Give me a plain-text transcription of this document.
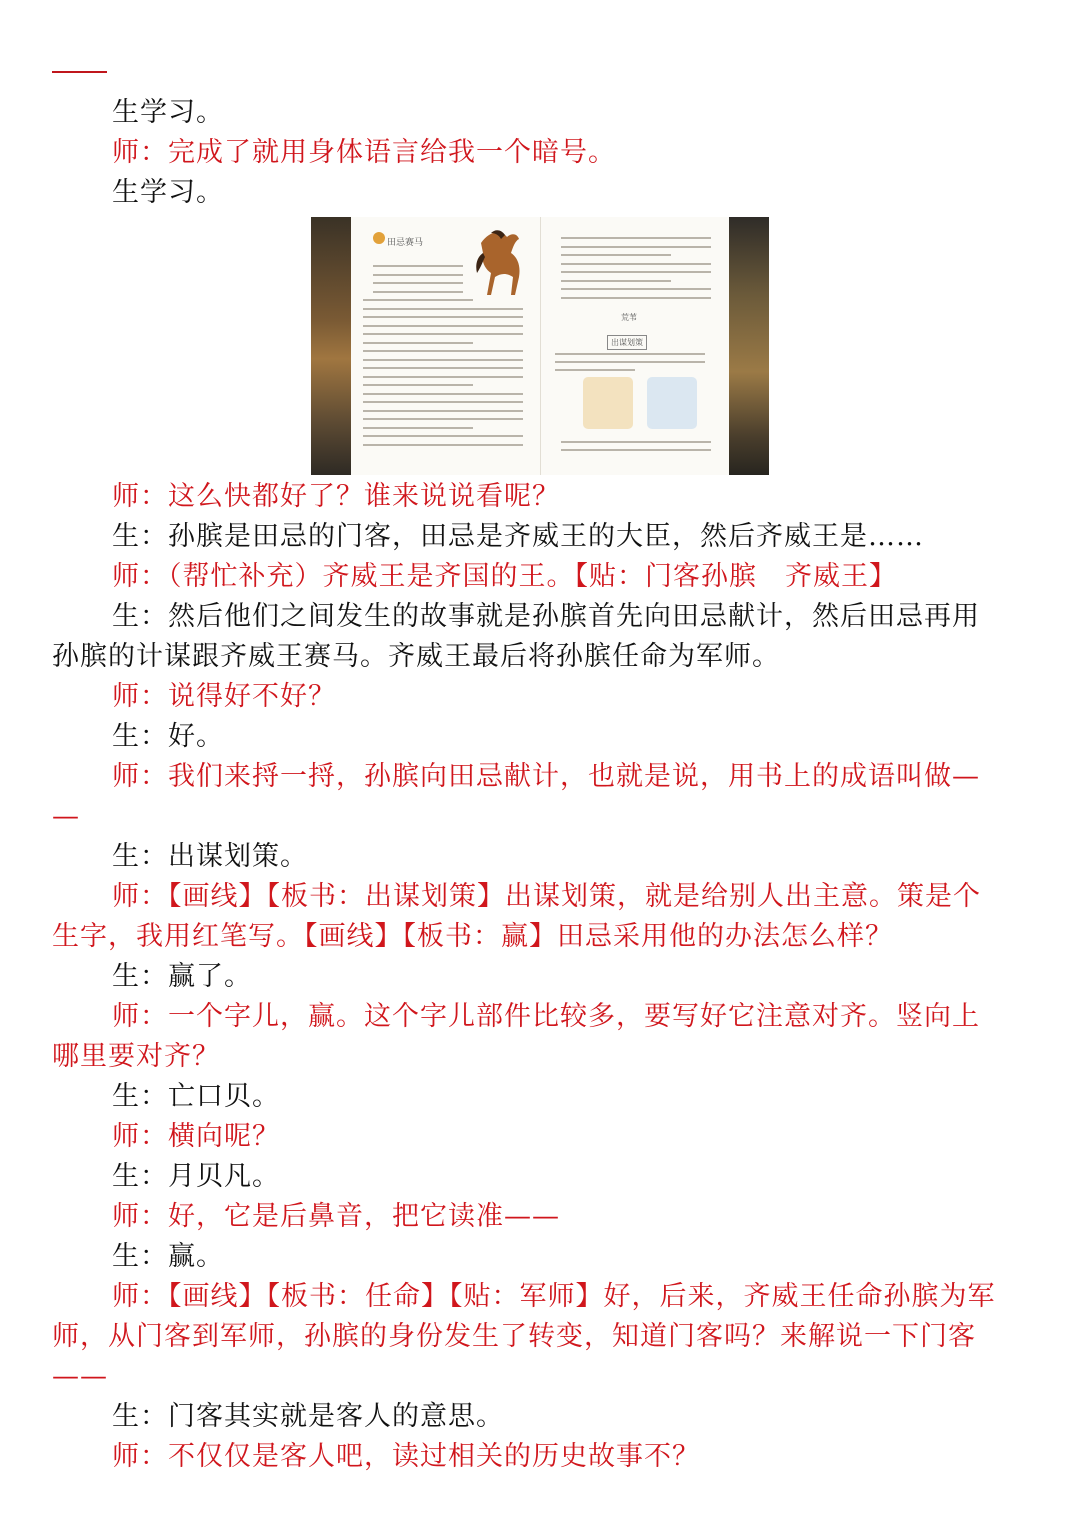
生学习。
师：完成了就用身体语言给我一个暗号。
生学习。
田忌赛马
荒苇
出谋划策
师：这么快都好了？谁来说说看呢？
生：孙膑是田忌的门客，田忌是齐威王的大臣，然后齐威王是……
师：（帮忙补充）齐威王是齐国的王。【贴：门客孙膑　齐威王】
生：然后他们之间发生的故事就是孙膑首先向田忌献计，然后田忌再用
孙膑的计谋跟齐威王赛马。齐威王最后将孙膑任命为军师。
师：说得好不好？
生：好。
师：我们来捋一捋，孙膑向田忌献计，也就是说，用书上的成语叫做—
—
生：出谋划策。
师：【画线】【板书：出谋划策】出谋划策，就是给别人出主意。策是个
生字，我用红笔写。【画线】【板书：赢】田忌采用他的办法怎么样？
生：赢了。
师：一个字儿，赢。这个字儿部件比较多，要写好它注意对齐。竖向上
哪里要对齐？
生：亡口贝。
师：横向呢？
生：月贝凡。
师：好，它是后鼻音，把它读准——
生：赢。
师：【画线】【板书：任命】【贴：军师】好，后来，齐威王任命孙膑为军
师，从门客到军师，孙膑的身份发生了转变，知道门客吗？来解说一下门客
——
生：门客其实就是客人的意思。
师：不仅仅是客人吧，读过相关的历史故事不？
